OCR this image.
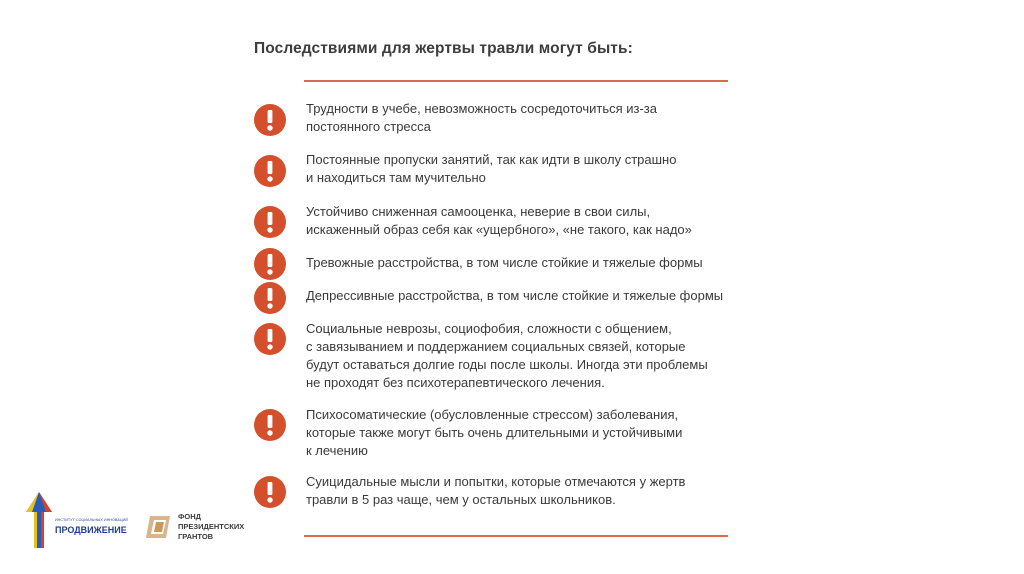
Последствиями для жертвы травли могут быть:
Трудности в учебе, невозможность сосредоточиться из-за
постоянного стресса
Постоянные пропуски занятий, так как идти в школу страшно
и находиться там мучительно
Устойчиво сниженная самооценка, неверие в свои силы,
искаженный образ себя как «ущербного», «не такого, как надо»
Тревожные расстройства, в том числе стойкие и тяжелые формы
Депрессивные расстройства, в том числе стойкие и тяжелые формы
Социальные неврозы, социофобия, сложности с общением,
с завязыванием и поддержанием социальных связей, которые
будут оставаться долгие годы после школы. Иногда эти проблемы
не проходят без психотерапевтического лечения.
Психосоматические (обусловленные стрессом) заболевания,
которые также могут быть очень длительными и устойчивыми
к лечению
Суицидальные мысли и попытки, которые отмечаются у жертв
травли в 5 раз чаще, чем у остальных школьников.
ИНСТИТУТ СОЦИАЛЬНЫХ ИННОВАЦИЙ
ПРОДВИЖЕНИЕ
ФОНД
ПРЕЗИДЕНТСКИХ
ГРАНТОВ
